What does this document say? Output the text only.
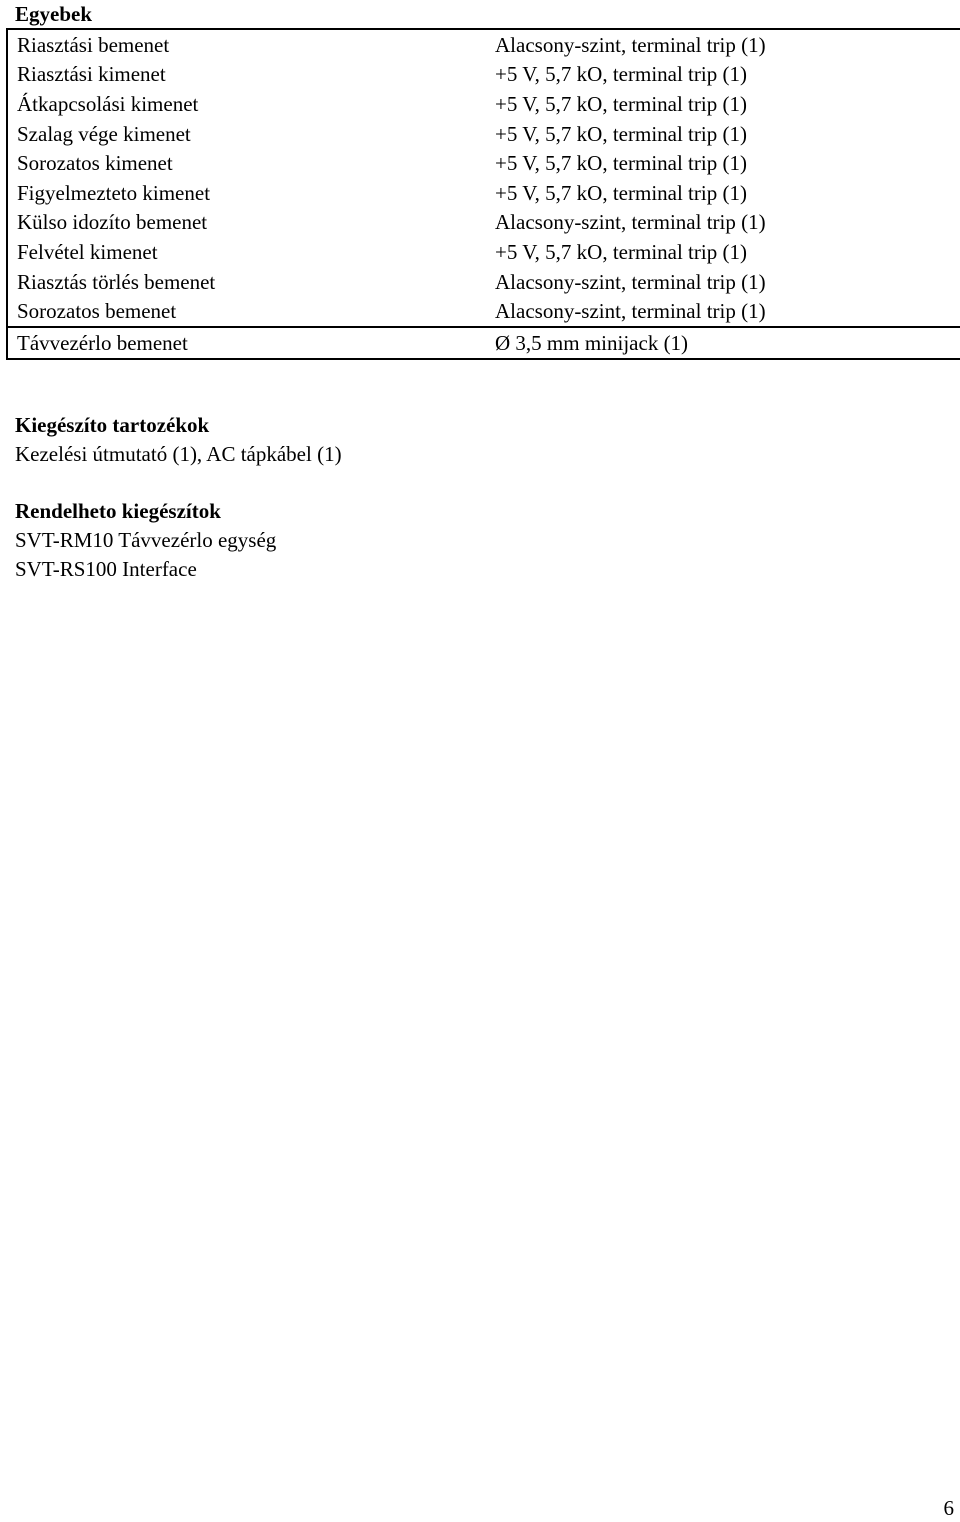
Egyebek
Riasztási bemenet	Alacsony-szint, terminal trip (1)
Riasztási kimenet	+5 V, 5,7 kO, terminal trip (1)
Átkapcsolási kimenet	+5 V, 5,7 kO, terminal trip (1)
Szalag vége kimenet	+5 V, 5,7 kO, terminal trip (1)
Sorozatos kimenet	+5 V, 5,7 kO, terminal trip (1)
Figyelmezteto kimenet	+5 V, 5,7 kO, terminal trip (1)
Külso idozíto bemenet	Alacsony-szint, terminal trip (1)
Felvétel kimenet	+5 V, 5,7 kO, terminal trip (1)
Riasztás törlés bemenet	Alacsony-szint, terminal trip (1)
Sorozatos bemenet	Alacsony-szint, terminal trip (1)
Távvezérlo bemenet	Ø 3,5 mm minijack (1)
Kiegészíto tartozékok
Kezelési útmutató (1), AC tápkábel (1)
Rendelheto kiegészítok
SVT-RM10 Távvezérlo egység
SVT-RS100 Interface
6
